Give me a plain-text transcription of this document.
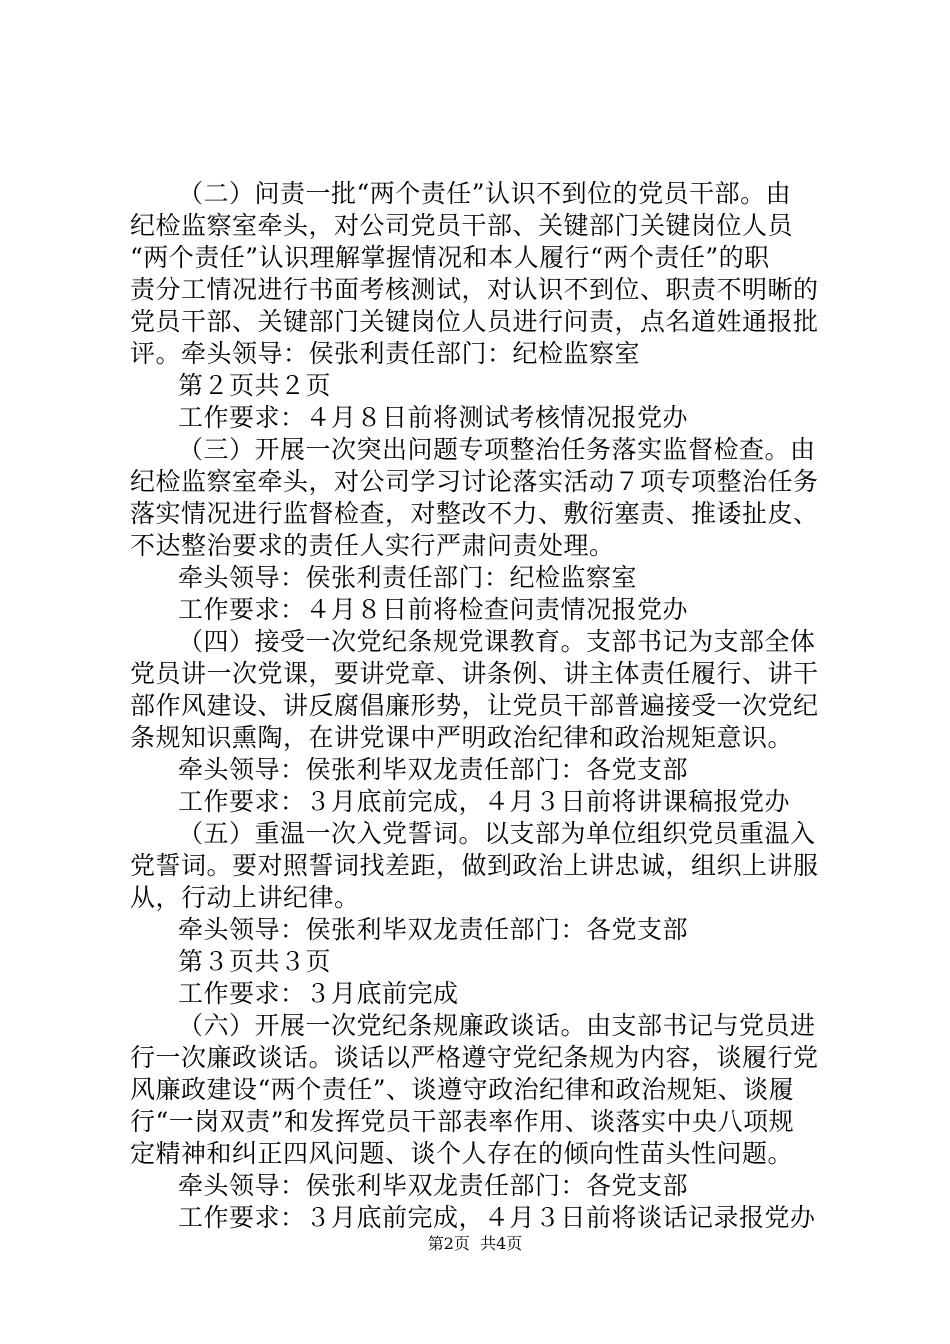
（二）问责一批“两个责任”认识不到位的党员干部。由
纪检监察室牵头，对公司党员干部、关键部门关键岗位人员
“两个责任”认识理解掌握情况和本人履行“两个责任”的职
责分工情况进行书面考核测试，对认识不到位、职责不明晰的
党员干部、关键部门关键岗位人员进行问责，点名道姓通报批
评。牵头领导：侯张利责任部门：纪检监察室
第２页共２页
工作要求：４月８日前将测试考核情况报党办
（三）开展一次突出问题专项整治任务落实监督检查。由
纪检监察室牵头，对公司学习讨论落实活动７项专项整治任务
落实情况进行监督检查，对整改不力、敷衍塞责、推诿扯皮、
不达整治要求的责任人实行严肃问责处理。
牵头领导：侯张利责任部门：纪检监察室
工作要求：４月８日前将检查问责情况报党办
（四）接受一次党纪条规党课教育。支部书记为支部全体
党员讲一次党课，要讲党章、讲条例、讲主体责任履行、讲干
部作风建设、讲反腐倡廉形势，让党员干部普遍接受一次党纪
条规知识熏陶，在讲党课中严明政治纪律和政治规矩意识。
牵头领导：侯张利毕双龙责任部门：各党支部
工作要求：３月底前完成，４月３日前将讲课稿报党办
（五）重温一次入党誓词。以支部为单位组织党员重温入
党誓词。要对照誓词找差距，做到政治上讲忠诚，组织上讲服
从，行动上讲纪律。
牵头领导：侯张利毕双龙责任部门：各党支部
第３页共３页
工作要求：３月底前完成
（六）开展一次党纪条规廉政谈话。由支部书记与党员进
行一次廉政谈话。谈话以严格遵守党纪条规为内容，谈履行党
风廉政建设“两个责任”、谈遵守政治纪律和政治规矩、谈履
行“一岗双责”和发挥党员干部表率作用、谈落实中央八项规
定精神和纠正四风问题、谈个人存在的倾向性苗头性问题。
牵头领导：侯张利毕双龙责任部门：各党支部
工作要求：３月底前完成，４月３日前将谈话记录报党办
第2页  共4页
